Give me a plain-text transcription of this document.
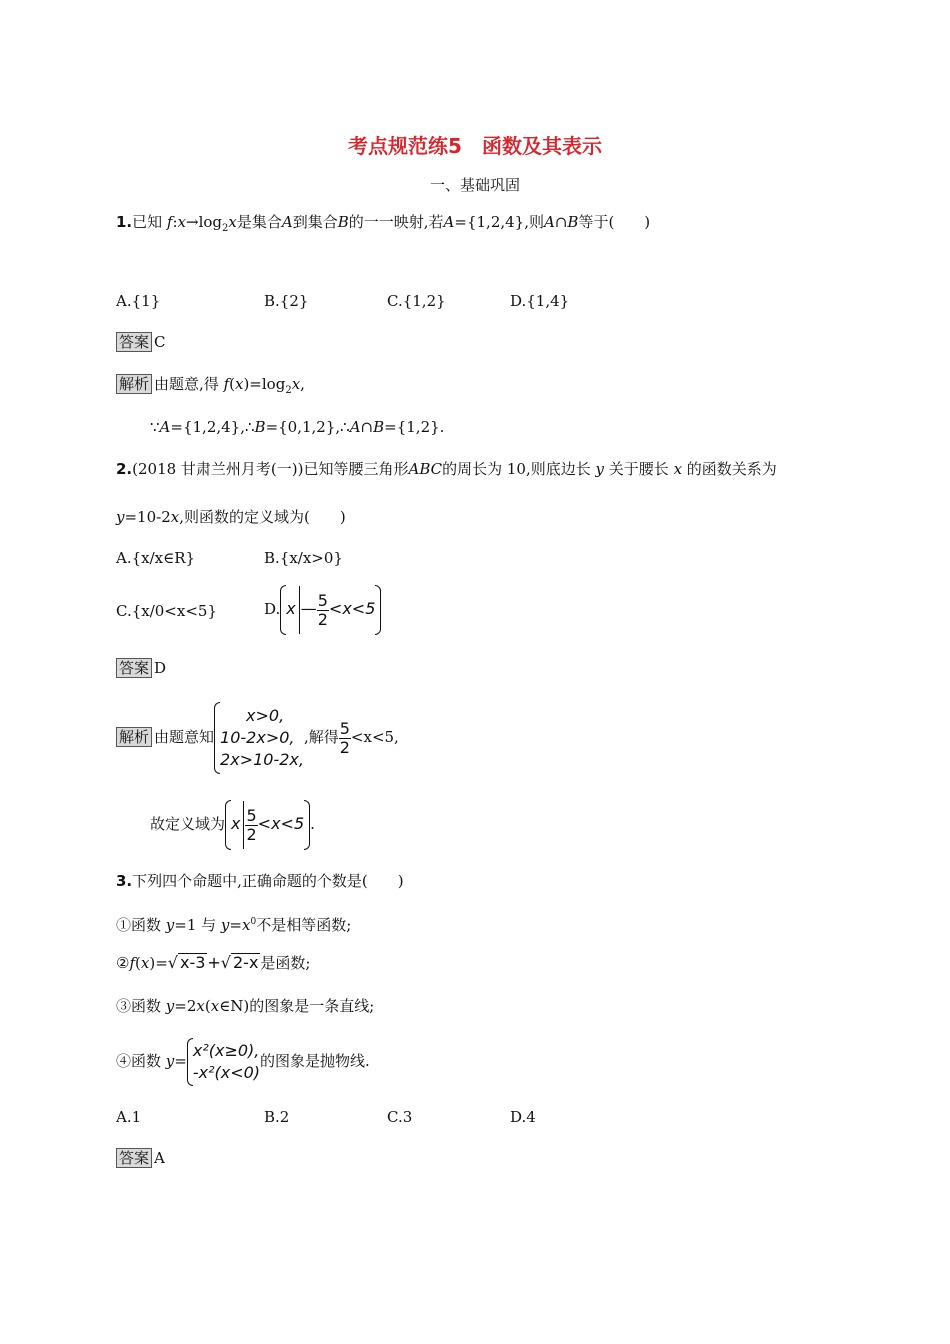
考点规范练5　函数及其表示
一、基础巩固
1.已知 $f:x\to\log_2x$是集合A到集合B的一一映射,若A={1,2,4},则A∩B等于(　　)
A.{1}	B.{2}	C.{1,2}	D.{1,4}
答案 C
解析 由题意,得 $f(x)=\log_2x$,
∵A={1,2,4},∴B={0,1,2},∴A∩B={1,2}.
2.(2018 甘肃兰州月考(一))已知等腰三角形ABC的周长为 10,则底边长 y 关于腰长 x 的函数关系为
y=10-2x,则函数的定义域为(　　)
A.{x/x∈R}	B.{x/x>0}
C.{x/0<x<5}	D. x — $\frac{5}{2} <x<5$
答案 D
解析 由题意知
x>0,
10-2x>0,
2x>10-2x,
,解得 $\frac{5}{2} <x<5$,
故定义域为 x $\frac{5}{2} <x<5$ .
3.下列四个命题中,正确命题的个数是(　　)
①函数 y=1 与 $y=x^0$不是相等函数;
②f(x)=√ x-3 +√ 2-x 是函数;
③函数 y=2x(x∈N)的图象是一条直线;
④函数 y=
x²(x≥0),
-x²(x<0)
的图象是抛物线.
A.1	B.2	C.3	D.4
答案 A
